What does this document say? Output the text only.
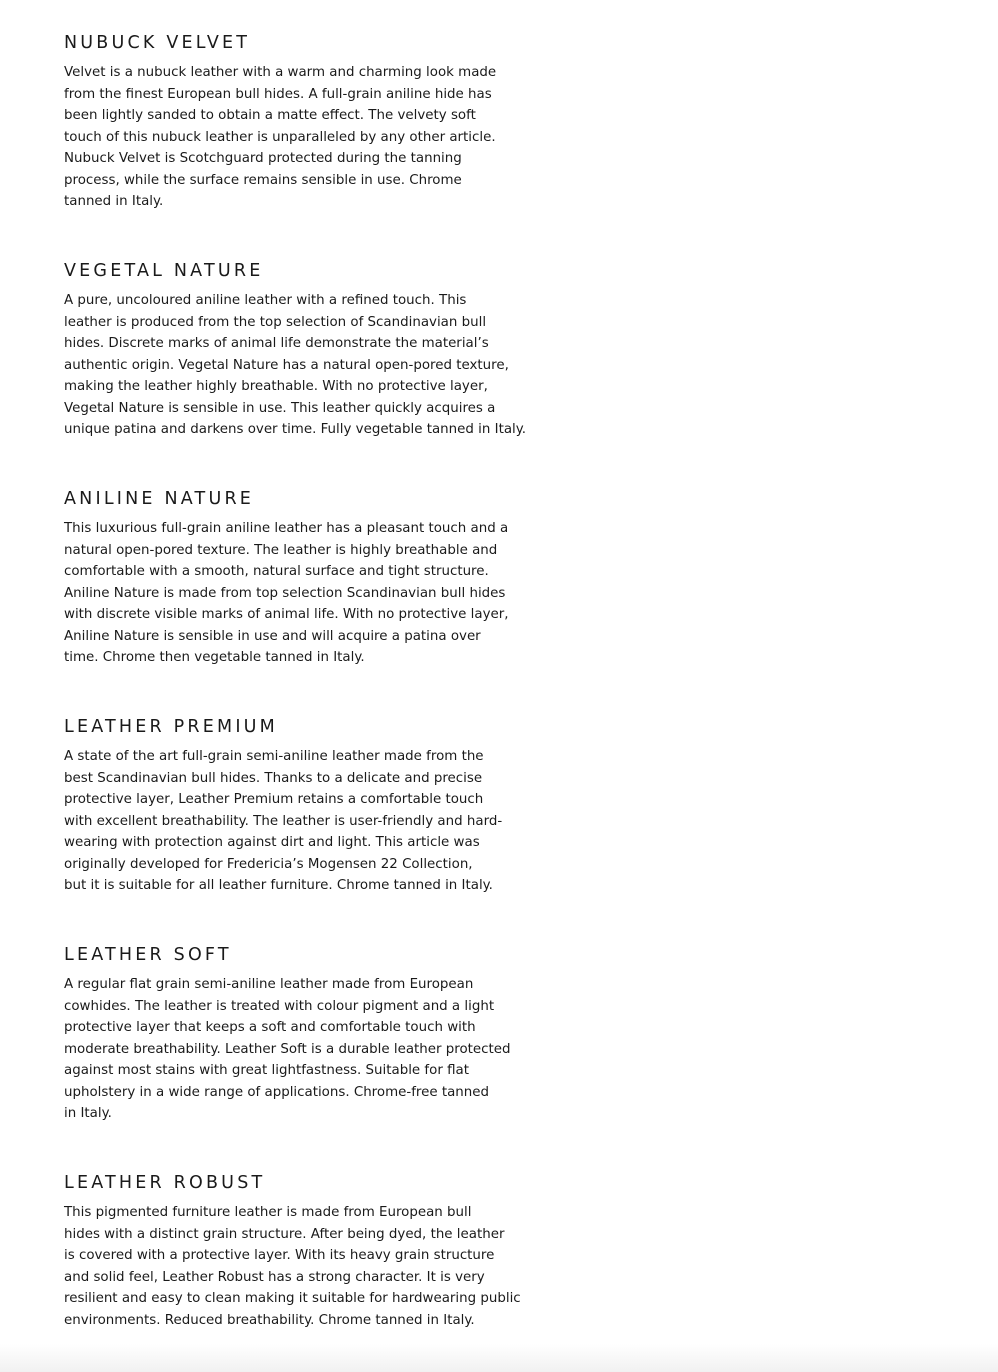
NUBUCK VELVET

Velvet is a nubuck leather with a warm and charming look made
from the finest European bull hides. A full-grain aniline hide has
been lightly sanded to obtain a matte effect. The velvety soft
touch of this nubuck leather is unparalleled by any other article.
Nubuck Velvet is Scotchguard protected during the tanning
process, while the surface remains sensible in use. Chrome
tanned in Italy.

VEGETAL NATURE

A pure, uncoloured aniline leather with a refined touch. This
leather is produced from the top selection of Scandinavian bull
hides. Discrete marks of animal life demonstrate the material’s
authentic origin. Vegetal Nature has a natural open-pored texture,
making the leather highly breathable. With no protective layer,
Vegetal Nature is sensible in use. This leather quickly acquires a
unique patina and darkens over time. Fully vegetable tanned in Italy.

ANILINE NATURE

This luxurious full-grain aniline leather has a pleasant touch and a
natural open-pored texture. The leather is highly breathable and
comfortable with a smooth, natural surface and tight structure.
Aniline Nature is made from top selection Scandinavian bull hides
with discrete visible marks of animal life. With no protective layer,
Aniline Nature is sensible in use and will acquire a patina over
time. Chrome then vegetable tanned in Italy.

LEATHER PREMIUM

A state of the art full-grain semi-aniline leather made from the
best Scandinavian bull hides. Thanks to a delicate and precise
protective layer, Leather Premium retains a comfortable touch
with excellent breathability. The leather is user-friendly and hard-
wearing with protection against dirt and light. This article was
originally developed for Fredericia’s Mogensen 22 Collection,
but it is suitable for all leather furniture. Chrome tanned in Italy.

LEATHER SOFT

A regular flat grain semi-aniline leather made from European
cowhides. The leather is treated with colour pigment and a light
protective layer that keeps a soft and comfortable touch with
moderate breathability. Leather Soft is a durable leather protected
against most stains with great lightfastness. Suitable for flat
upholstery in a wide range of applications. Chrome-free tanned
in Italy.

LEATHER ROBUST

This pigmented furniture leather is made from European bull
hides with a distinct grain structure. After being dyed, the leather
is covered with a protective layer. With its heavy grain structure
and solid feel, Leather Robust has a strong character. It is very
resilient and easy to clean making it suitable for hardwearing public
environments. Reduced breathability. Chrome tanned in Italy.
